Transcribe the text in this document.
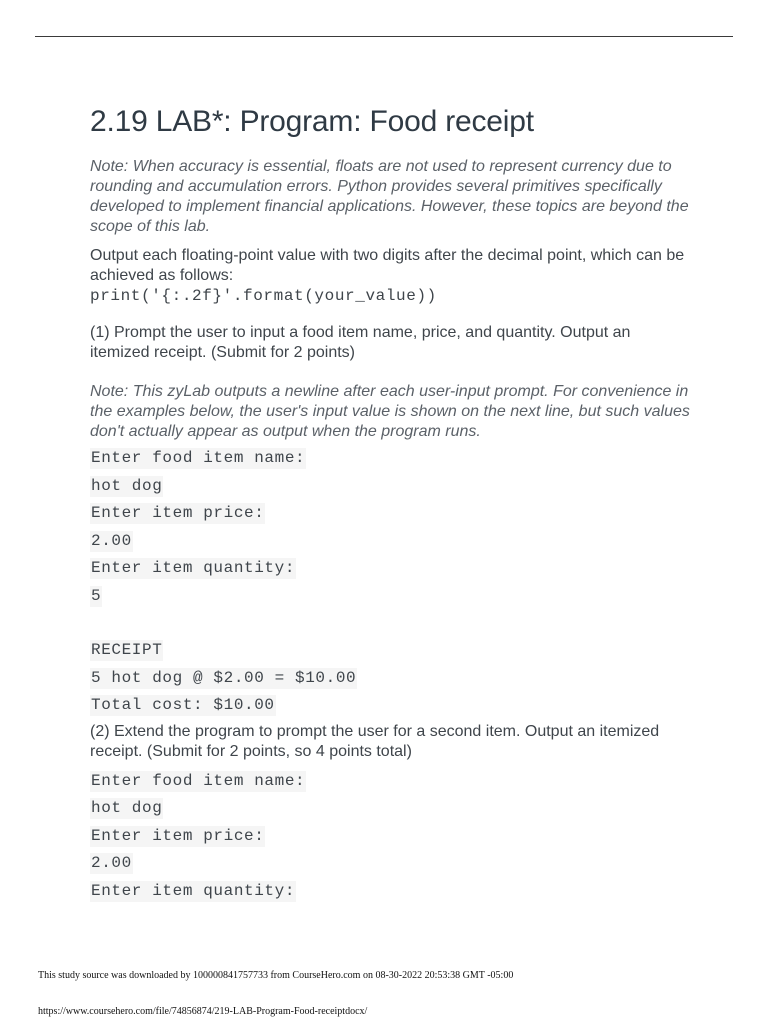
2.19 LAB*: Program: Food receipt

Note: When accuracy is essential, floats are not used to represent currency due to rounding and accumulation errors. Python provides several primitives specifically developed to implement financial applications. However, these topics are beyond the scope of this lab.

Output each floating-point value with two digits after the decimal point, which can be achieved as follows:

print('{:.2f}'.format(your_value))

(1) Prompt the user to input a food item name, price, and quantity. Output an itemized receipt. (Submit for 2 points)

Note: This zyLab outputs a newline after each user-input prompt. For convenience in the examples below, the user's input value is shown on the next line, but such values don't actually appear as output when the program runs.

Enter food item name:
hot dog
Enter item price:
2.00
Enter item quantity:
5
RECEIPT
5 hot dog @ $2.00 = $10.00
Total cost: $10.00

(2) Extend the program to prompt the user for a second item. Output an itemized receipt. (Submit for 2 points, so 4 points total)

Enter food item name:
hot dog
Enter item price:
2.00
Enter item quantity:
This study source was downloaded by 100000841757733 from CourseHero.com on 08-30-2022 20:53:38 GMT -05:00
https://www.coursehero.com/file/74856874/219-LAB-Program-Food-receiptdocx/
